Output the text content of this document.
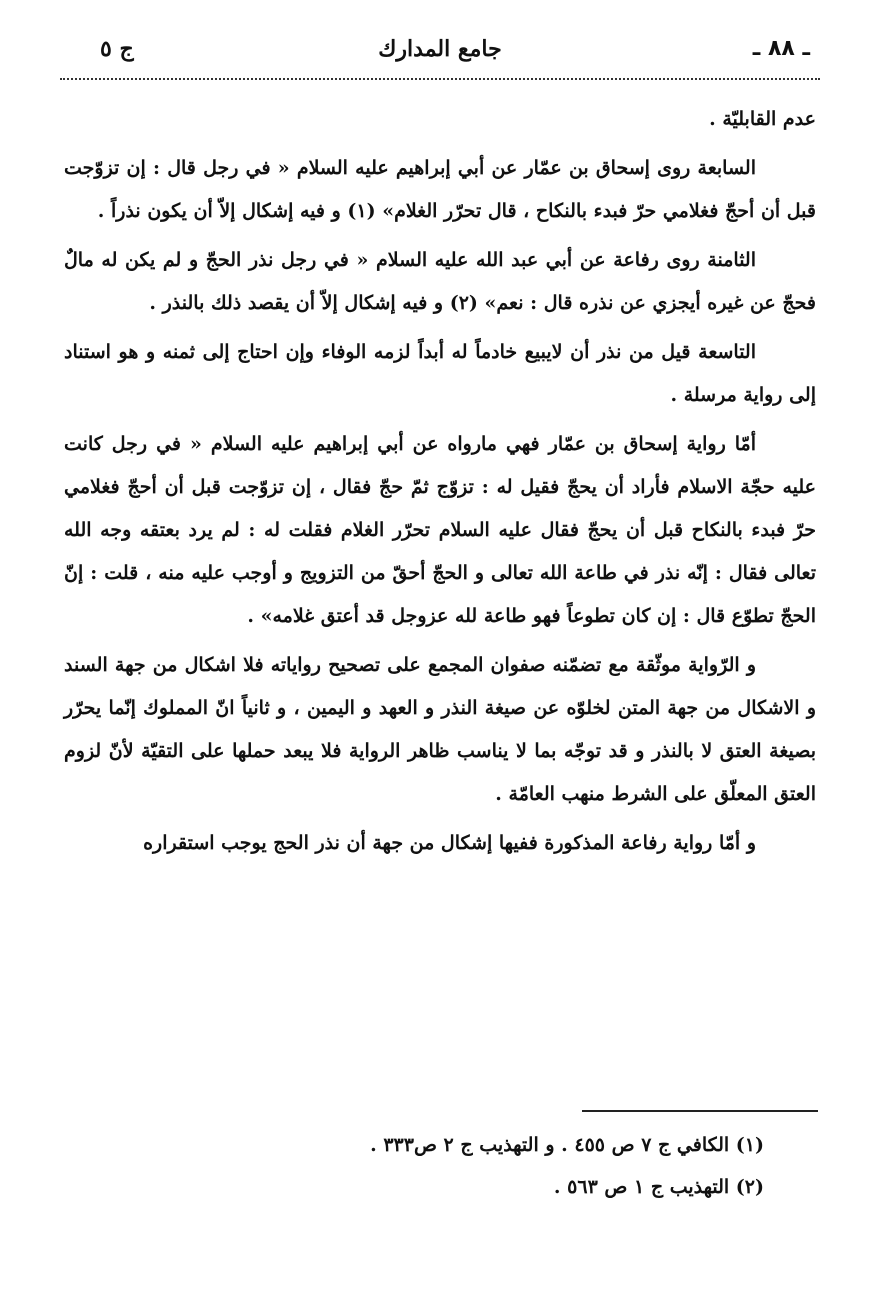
ـ ٨٨ ـ
جامع المدارك
ج ٥

عدم القابليّة .

السابعة روى إسحاق بن عمّار عن أبي إبراهيم عليه السلام « في رجل قال : إن تزوّجت قبل أن أحجّ فغلامي حرّ فبدء بالنكاح ، قال تحرّر الغلام» (١) و فيه إشكال إلاّ أن يكون نذراً .

الثامنة روى رفاعة عن أبي عبد الله عليه السلام « في رجل نذر الحجّ و لم يكن له مالٌ فحجّ عن غيره أيجزي عن نذره قال : نعم» (٢) و فيه إشكال إلاّ أن يقصد ذلك بالنذر .

التاسعة قيل من نذر أن لايبيع خادماً له أبداً لزمه الوفاء وإن احتاج إلى ثمنه و هو استناد إلى رواية مرسلة .

أمّا رواية إسحاق بن عمّار فهي مارواه عن أبي إبراهيم عليه السلام « في رجل كانت عليه حجّة الاسلام فأراد أن يحجّ فقيل له : تزوّج ثمّ حجّ فقال ، إن تزوّجت قبل أن أحجّ فغلامي حرّ فبدء بالنكاح قبل أن يحجّ فقال عليه السلام تحرّر الغلام فقلت له : لم يرد بعتقه وجه الله تعالى فقال : إنّه نذر في طاعة الله تعالى و الحجّ أحقّ من التزويج و أوجب عليه منه ، قلت : إنّ الحجّ تطوّع قال : إن كان تطوعاً فهو طاعة لله عزوجل قد أعتق غلامه» .

و الرّواية موثّقة مع تضمّنه صفوان المجمع على تصحيح رواياته فلا اشكال من جهة السند و الاشكال من جهة المتن لخلوّه عن صيغة النذر و العهد و اليمين ، و ثانياً انّ المملوك إنّما يحرّر بصيغة العتق لا بالنذر و قد توجّه بما لا يناسب ظاهر الرواية فلا يبعد حملها على التقيّة لأنّ لزوم العتق المعلّق على الشرط منهب العامّة .

و أمّا رواية رفاعة المذكورة ففيها إشكال من جهة أن نذر الحج يوجب استقراره

(١) الكافي ج ٧ ص ٤٥٥ . و التهذيب ج ٢ ص٣٣٣ .

(٢) التهذيب ج ١ ص ٥٦٣ .
